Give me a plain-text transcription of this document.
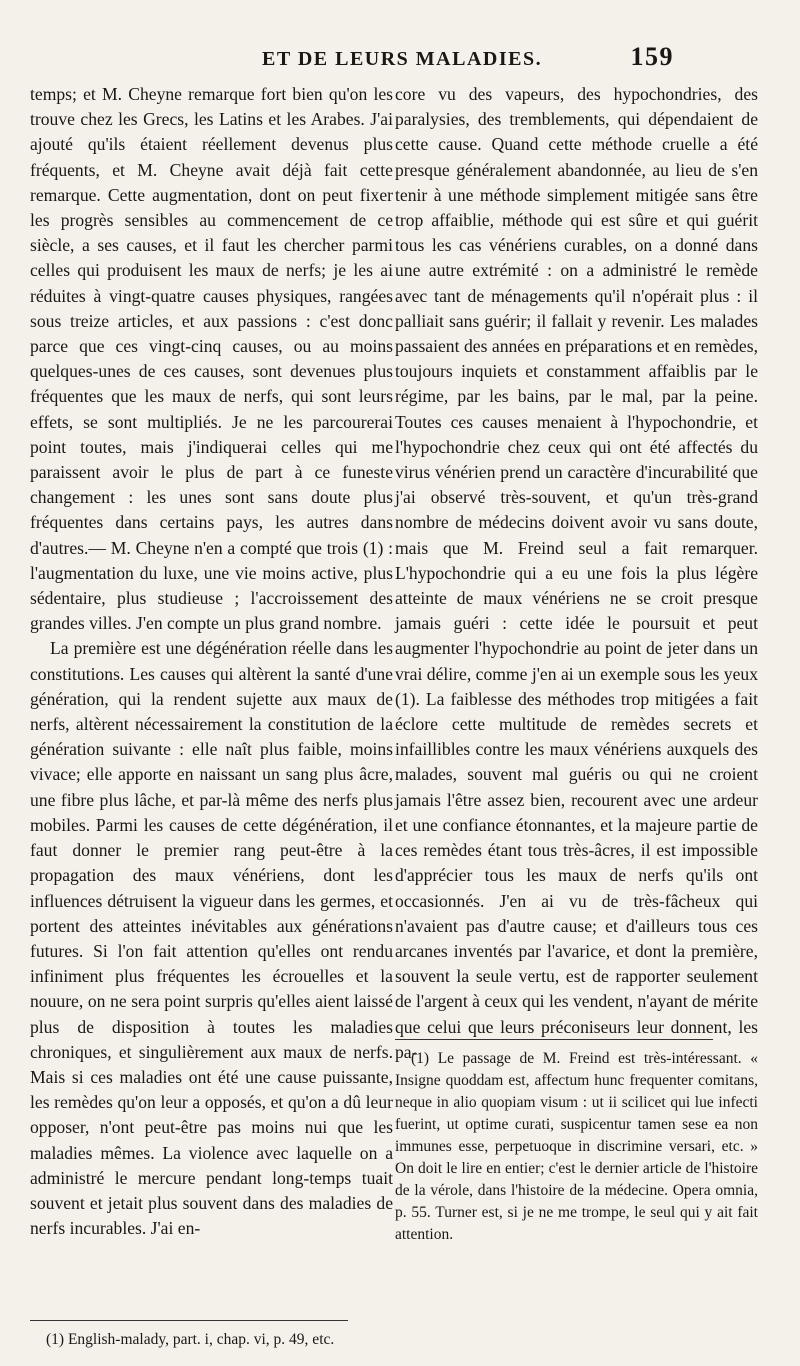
ET DE LEURS MALADIES.	159

temps; et M. Cheyne remarque fort bien qu'on les trouve chez les Grecs, les Latins et les Arabes. J'ai ajouté qu'ils étaient réellement devenus plus fréquents, et M. Cheyne avait déjà fait cette remarque. Cette augmentation, dont on peut fixer les progrès sensibles au commencement de ce siècle, a ses causes, et il faut les chercher parmi celles qui produisent les maux de nerfs; je les ai réduites à vingt-quatre causes physiques, rangées sous treize articles, et aux passions : c'est donc parce que ces vingt-cinq causes, ou au moins quelques-unes de ces causes, sont devenues plus fréquentes que les maux de nerfs, qui sont leurs effets, se sont multipliés. Je ne les parcourerai point toutes, mais j'indiquerai celles qui me paraissent avoir le plus de part à ce funeste changement : les unes sont sans doute plus fréquentes dans certains pays, les autres dans d'autres.— M. Cheyne n'en a compté que trois (1) : l'augmentation du luxe, une vie moins active, plus sédentaire, plus studieuse ; l'accroissement des grandes villes. J'en compte un plus grand nombre.

La première est une dégénération réelle dans les constitutions. Les causes qui altèrent la santé d'une génération, qui la rendent sujette aux maux de nerfs, altèrent nécessairement la constitution de la génération suivante : elle naît plus faible, moins vivace; elle apporte en naissant un sang plus âcre, une fibre plus lâche, et par-là même des nerfs plus mobiles. Parmi les causes de cette dégénération, il faut donner le premier rang peut-être à la propagation des maux vénériens, dont les influences détruisent la vigueur dans les germes, et portent des atteintes inévitables aux générations futures. Si l'on fait attention qu'elles ont rendu infiniment plus fréquentes les écrouelles et la nouure, on ne sera point surpris qu'elles aient laissé plus de disposition à toutes les maladies chroniques, et singulièrement aux maux de nerfs. Mais si ces maladies ont été une cause puissante, les remèdes qu'on leur a opposés, et qu'on a dû leur opposer, n'ont peut-être pas moins nui que les maladies mêmes. La violence avec laquelle on a administré le mercure pendant long-temps tuait souvent et jetait plus souvent dans des maladies de nerfs incurables. J'ai en-

(1) English-malady, part. i, chap. vi, p. 49, etc.

core vu des vapeurs, des hypochondries, des paralysies, des tremblements, qui dépendaient de cette cause. Quand cette méthode cruelle a été presque généralement abandonnée, au lieu de s'en tenir à une méthode simplement mitigée sans être trop affaiblie, méthode qui est sûre et qui guérit tous les cas vénériens curables, on a donné dans une autre extrémité : on a administré le remède avec tant de ménagements qu'il n'opérait plus : il palliait sans guérir; il fallait y revenir. Les malades passaient des années en préparations et en remèdes, toujours inquiets et constamment affaiblis par le régime, par les bains, par le mal, par la peine. Toutes ces causes menaient à l'hypochondrie, et l'hypochondrie chez ceux qui ont été affectés du virus vénérien prend un caractère d'incurabilité que j'ai observé très-souvent, et qu'un très-grand nombre de médecins doivent avoir vu sans doute, mais que M. Freind seul a fait remarquer. L'hypochondrie qui a eu une fois la plus légère atteinte de maux vénériens ne se croit presque jamais guéri : cette idée le poursuit et peut augmenter l'hypochondrie au point de jeter dans un vrai délire, comme j'en ai un exemple sous les yeux (1). La faiblesse des méthodes trop mitigées a fait éclore cette multitude de remèdes secrets et infaillibles contre les maux vénériens auxquels des malades, souvent mal guéris ou qui ne croient jamais l'être assez bien, recourent avec une ardeur et une confiance étonnantes, et la majeure partie de ces remèdes étant tous très-âcres, il est impossible d'apprécier tous les maux de nerfs qu'ils ont occasionnés. J'en ai vu de très-fâcheux qui n'avaient pas d'autre cause; et d'ailleurs tous ces arcanes inventés par l'avarice, et dont la première, souvent la seule vertu, est de rapporter seulement de l'argent à ceux qui les vendent, n'ayant de mérite que celui que leurs préconiseurs leur donnent, les pa-

(1) Le passage de M. Freind est très-intéressant. « Insigne quoddam est, affectum hunc frequenter comitans, neque in alio quopiam visum : ut ii scilicet qui lue infecti fuerint, ut optime curati, suspicentur tamen sese ea non immunes esse, perpetuoque in discrimine versari, etc. » On doit le lire en entier; c'est le dernier article de l'histoire de la vérole, dans l'histoire de la médecine. Opera omnia, p. 55. Turner est, si je ne me trompe, le seul qui y ait fait attention.
